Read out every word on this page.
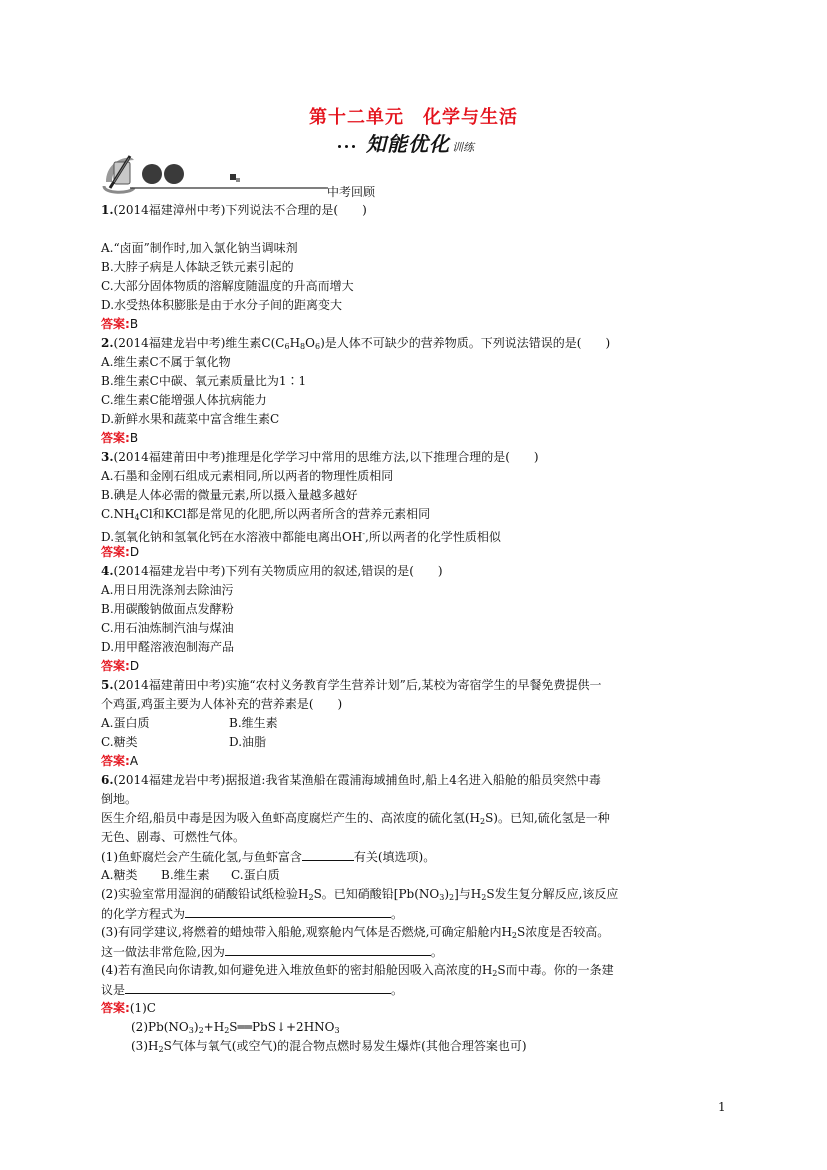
第十二单元　化学与生活
知能优化 $_{训练}$
中考回顾
1.(2014福建漳州中考)下列说法不合理的是(　　)
A.“卤面”制作时,加入氯化钠当调味剂
B.大脖子病是人体缺乏铁元素引起的
C.大部分固体物质的溶解度随温度的升高而增大
D.水受热体积膨胀是由于水分子间的距离变大
答案:B
2.(2014福建龙岩中考)维生素$C(C_6H_8O_6)$是人体不可缺少的营养物质。下列说法错误的是(　　)
A.维生素C不属于氧化物
B.维生素C中碳、氧元素质量比为1∶1
C.维生素C能增强人体抗病能力
D.新鲜水果和蔬菜中富含维生素C
答案:B
3.(2014福建莆田中考)推理是化学学习中常用的思维方法,以下推理合理的是(　　)
A.石墨和金刚石组成元素相同,所以两者的物理性质相同
B.碘是人体必需的微量元素,所以摄入量越多越好
$C.NH_4Cl$和KCl都是常见的化肥,所以两者所含的营养元素相同
D.氢氧化钠和氢氧化钙在水溶液中都能电离出OH-,所以两者的化学性质相似
答案:D
4.(2014福建龙岩中考)下列有关物质应用的叙述,错误的是(　　)
A.用日用洗涤剂去除油污
B.用碳酸钠做面点发酵粉
C.用石油炼制汽油与煤油
D.用甲醛溶液泡制海产品
答案:D
5.(2014福建莆田中考)实施“农村义务教育学生营养计划”后,某校为寄宿学生的早餐免费提供一
个鸡蛋,鸡蛋主要为人体补充的营养素是(　　)
A.蛋白质	B.维生素
C.糖类	D.油脂
答案:A
6.(2014福建龙岩中考)据报道:我省某渔船在霞浦海域捕鱼时,船上4名进入船舱的船员突然中毒
倒地。
医生介绍,船员中毒是因为吸入鱼虾高度腐烂产生的、高浓度的硫化氢$(H_2S)$。已知,硫化氢是一种
无色、剧毒、可燃性气体。
(1)鱼虾腐烂会产生硫化氢,与鱼虾富含	有关(填选项)。
A.糖类 B.维生素 C.蛋白质
(2)实验室常用湿润的硝酸铅试纸检验$H_2S$。已知硝酸铅$[Pb(NO_3)_2]$与$H_2S$发生复分解反应,该反应
的化学方程式为	。
(3)有同学建议,将燃着的蜡烛带入船舱,观察舱内气体是否燃烧,可确定船舱内$H_2S$浓度是否较高。
这一做法非常危险,因为	。
(4)若有渔民向你请教,如何避免进入堆放鱼虾的密封船舱因吸入高浓度的$H_2S$而中毒。你的一条建
议是	。
答案:(1)C
$(2)Pb(NO_3)_2+H_2S══PbS↓+2HNO_3$
$(3)H_2S$气体与氧气(或空气)的混合物点燃时易发生爆炸(其他合理答案也可)
1
